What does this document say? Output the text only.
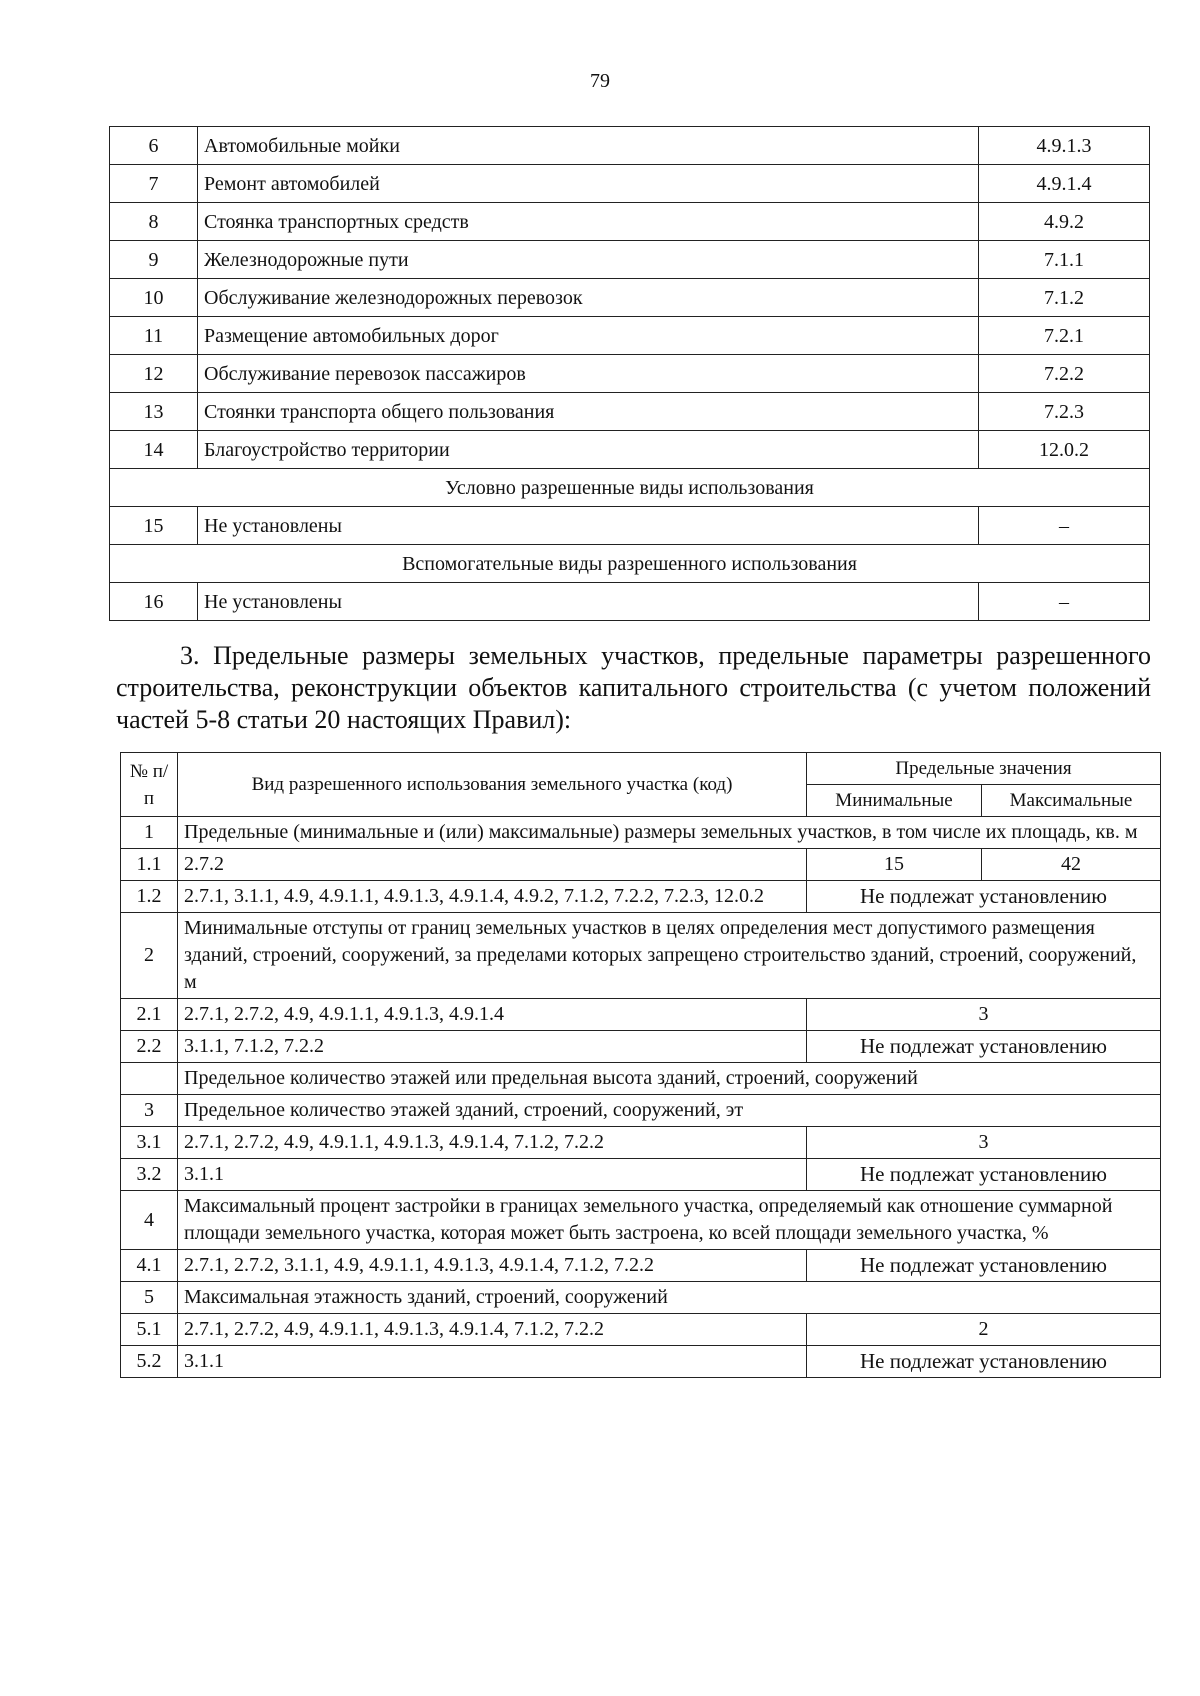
79
6	Автомобильные мойки	4.9.1.3
7	Ремонт автомобилей	4.9.1.4
8	Стоянка транспортных средств	4.9.2
9	Железнодорожные пути	7.1.1
10	Обслуживание железнодорожных перевозок	7.1.2
11	Размещение автомобильных дорог	7.2.1
12	Обслуживание перевозок пассажиров	7.2.2
13	Стоянки транспорта общего пользования	7.2.3
14	Благоустройство территории	12.0.2
Условно разрешенные виды использования		
15	Не установлены	–
Вспомогательные виды разрешенного использования		
16	Не установлены	–
3. Предельные размеры земельных участков, предельные параметры разрешенного строительства, реконструкции объектов капитального строительства (с учетом положений частей 5-8 статьи 20 настоящих Правил):
№ п/п	Вид разрешенного использования земельного участка (код)	Предельные значения	
		Минимальные	Максимальные
1	Предельные (минимальные и (или) максимальные) размеры земельных участков, в том числе их площадь, кв. м		
1.1	2.7.2	15	42
1.2	2.7.1, 3.1.1, 4.9, 4.9.1.1, 4.9.1.3, 4.9.1.4, 4.9.2, 7.1.2, 7.2.2, 7.2.3, 12.0.2	Не подлежат установлению	
2	Минимальные отступы от границ земельных участков в целях определения мест допустимого размещения зданий, строений, сооружений, за пределами которых запрещено строительство зданий, строений, сооружений, м		
2.1	2.7.1, 2.7.2, 4.9, 4.9.1.1, 4.9.1.3, 4.9.1.4	3	
2.2	3.1.1, 7.1.2, 7.2.2	Не подлежат установлению	
	Предельное количество этажей или предельная высота зданий, строений, сооружений		
3	Предельное количество этажей зданий, строений, сооружений, эт		
3.1	2.7.1, 2.7.2, 4.9, 4.9.1.1, 4.9.1.3, 4.9.1.4, 7.1.2, 7.2.2	3	
3.2	3.1.1	Не подлежат установлению	
4	Максимальный процент застройки в границах земельного участка, определяемый как отношение суммарной площади земельного участка, которая может быть застроена, ко всей площади земельного участка, %		
4.1	2.7.1, 2.7.2, 3.1.1, 4.9, 4.9.1.1, 4.9.1.3, 4.9.1.4, 7.1.2, 7.2.2	Не подлежат установлению	
5	Максимальная этажность зданий, строений, сооружений		
5.1	2.7.1, 2.7.2, 4.9, 4.9.1.1, 4.9.1.3, 4.9.1.4, 7.1.2, 7.2.2	2	
5.2	3.1.1	Не подлежат установлению	
